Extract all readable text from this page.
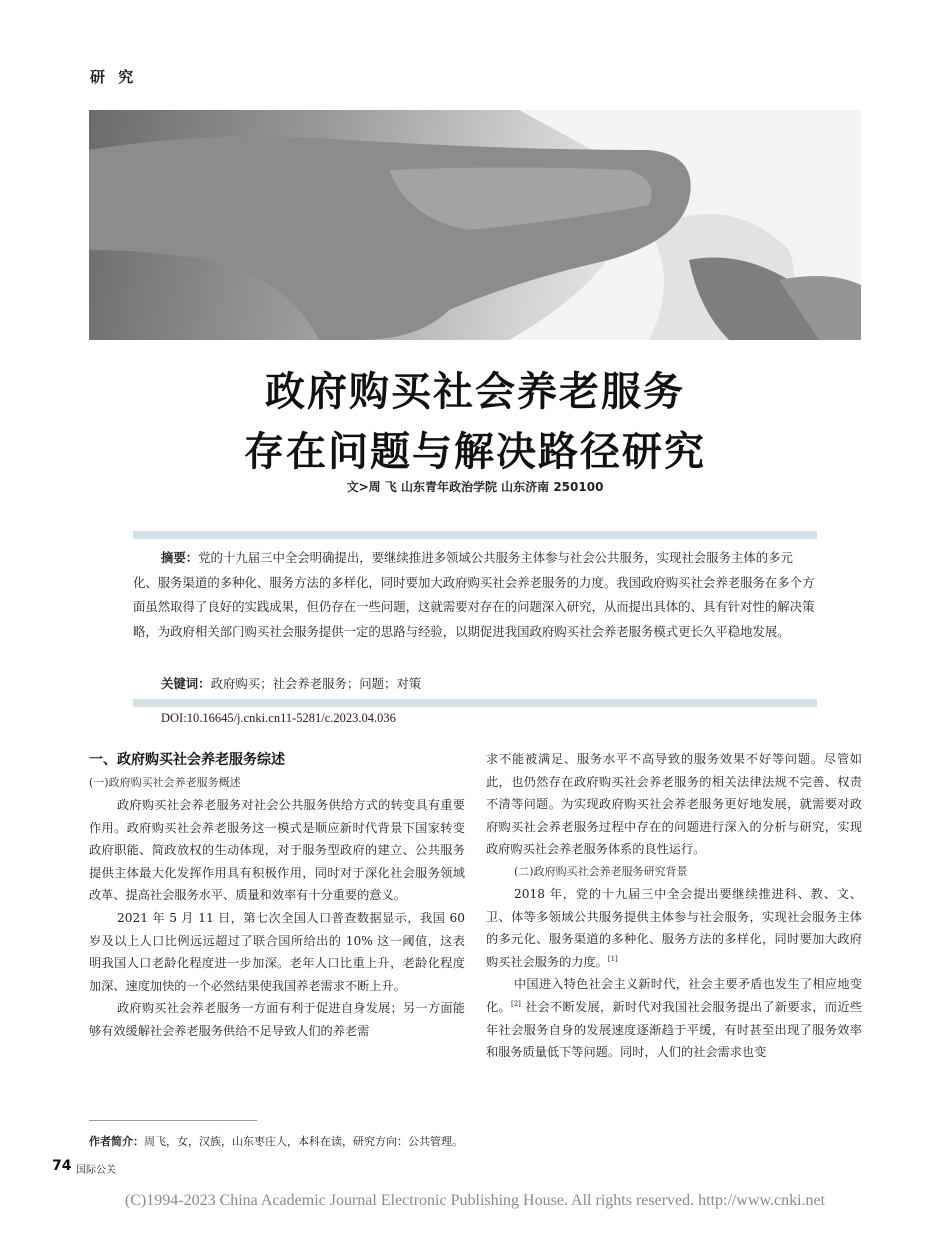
研 究
政府购买社会养老服务
存在问题与解决路径研究
文>周 飞 山东青年政治学院 山东济南 250100

摘要：党的十九届三中全会明确提出，要继续推进多领域公共服务主体参与社会公共服务，实现社会服务主体的多元化、服务渠道的多种化、服务方法的多样化，同时要加大政府购买社会养老服务的力度。我国政府购买社会养老服务在多个方面虽然取得了良好的实践成果，但仍存在一些问题，这就需要对存在的问题深入研究，从而提出具体的、具有针对性的解决策略，为政府相关部门购买社会服务提供一定的思路与经验，以期促进我国政府购买社会养老服务模式更长久平稳地发展。

关键词：政府购买；社会养老服务；问题；对策
DOI:10.16645/j.cnki.cn11-5281/c.2023.04.036
一、政府购买社会养老服务综述
(一)政府购买社会养老服务概述

政府购买社会养老服务对社会公共服务供给方式的转变具有重要作用。政府购买社会养老服务这一模式是顺应新时代背景下国家转变政府职能、简政放权的生动体现，对于服务型政府的建立、公共服务提供主体最大化发挥作用具有积极作用，同时对于深化社会服务领域改革、提高社会服务水平、质量和效率有十分重要的意义。

2021 年 5 月 11 日，第七次全国人口普查数据显示，我国 60 岁及以上人口比例远远超过了联合国所给出的 10% 这一阈值，这表明我国人口老龄化程度进一步加深。老年人口比重上升，老龄化程度加深、速度加快的一个必然结果使我国养老需求不断上升。

政府购买社会养老服务一方面有利于促进自身发展；另一方面能够有效缓解社会养老服务供给不足导致人们的养老需

求不能被满足、服务水平不高导致的服务效果不好等问题。尽管如此，也仍然存在政府购买社会养老服务的相关法律法规不完善、权责不清等问题。为实现政府购买社会养老服务更好地发展，就需要对政府购买社会养老服务过程中存在的问题进行深入的分析与研究，实现政府购买社会养老服务体系的良性运行。

(二)政府购买社会养老服务研究背景

2018 年，党的十九届三中全会提出要继续推进科、教、文、卫、体等多领域公共服务提供主体参与社会服务，实现社会服务主体的多元化、服务渠道的多种化、服务方法的多样化，同时要加大政府购买社会服务的力度。[1]

中国进入特色社会主义新时代，社会主要矛盾也发生了相应地变化。[2] 社会不断发展，新时代对我国社会服务提出了新要求，而近些年社会服务自身的发展速度逐渐趋于平缓，有时甚至出现了服务效率和服务质量低下等问题。同时，人们的社会需求也变

作者简介：周飞，女，汉族，山东枣庄人，本科在读，研究方向：公共管理。
74 国际公关
(C)1994-2023 China Academic Journal Electronic Publishing House. All rights reserved. http://www.cnki.net
